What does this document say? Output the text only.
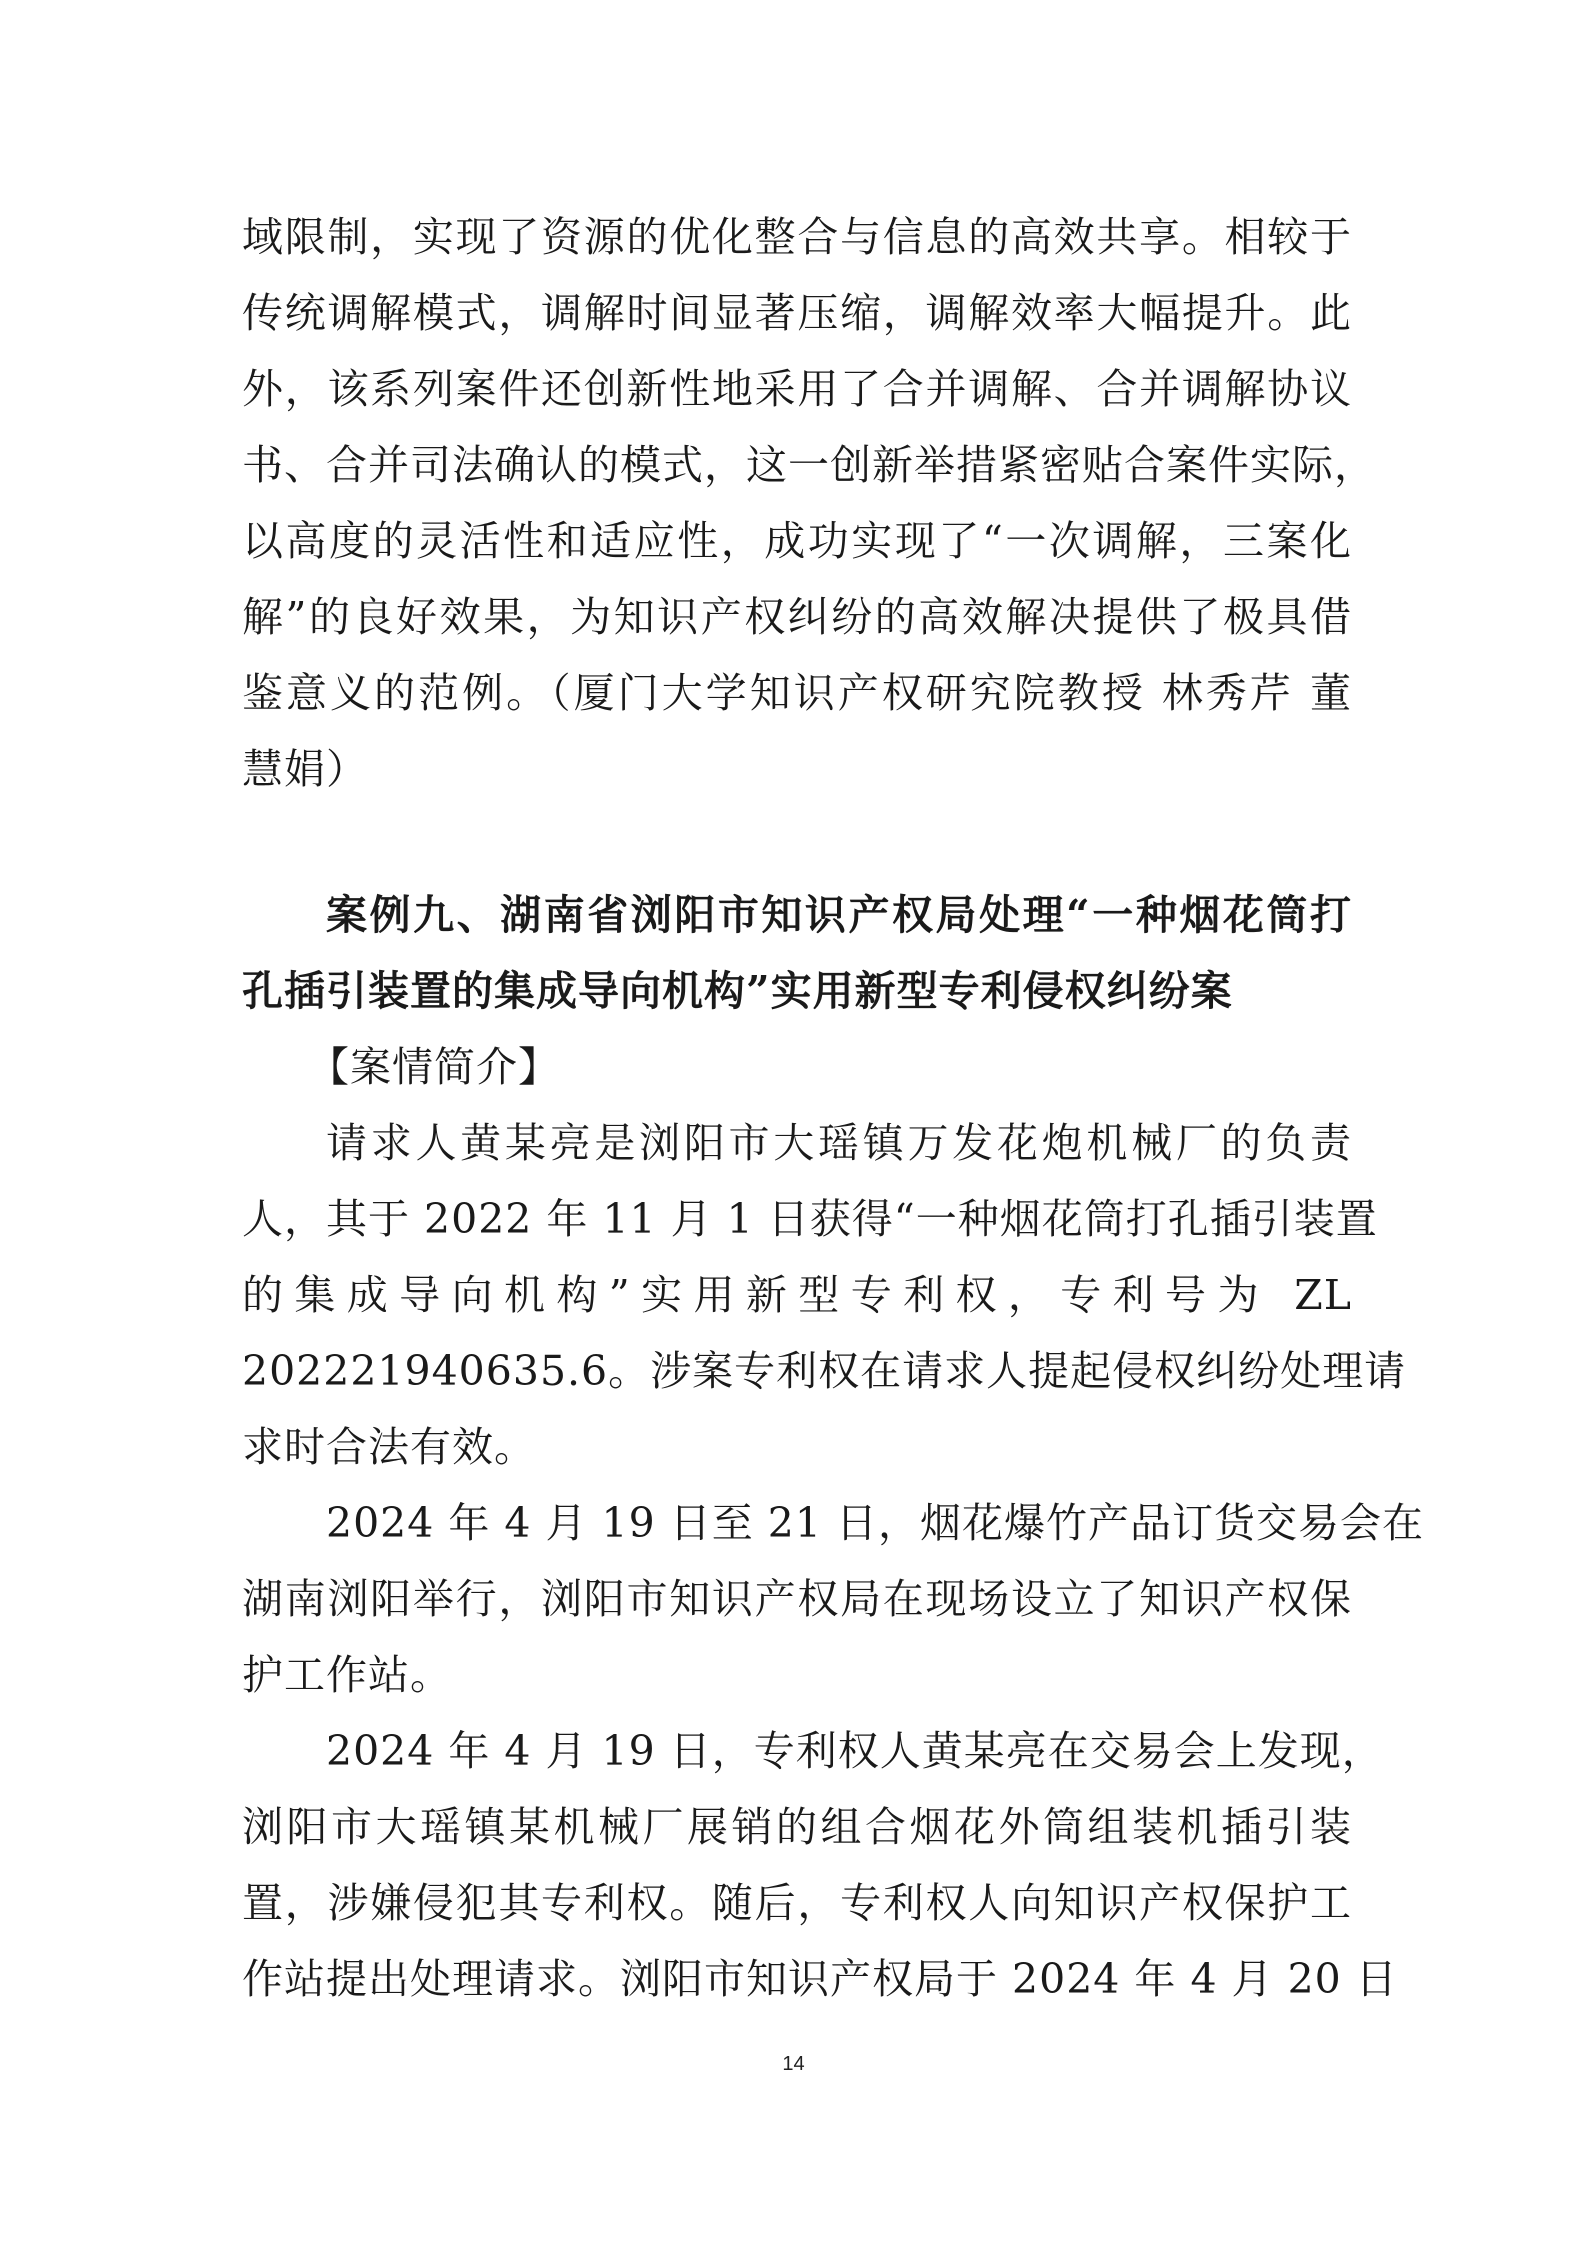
域限制，实现了资源的优化整合与信息的高效共享。相较于
传统调解模式，调解时间显著压缩，调解效率大幅提升。此
外，该系列案件还创新性地采用了合并调解、合并调解协议
书、合并司法确认的模式，这一创新举措紧密贴合案件实际，
以高度的灵活性和适应性，成功实现了“一次调解，三案化
解”的良好效果，为知识产权纠纷的高效解决提供了极具借
鉴意义的范例。（厦门大学知识产权研究院教授 林秀芹 董
慧娟）
案例九、湖南省浏阳市知识产权局处理“一种烟花筒打
孔插引装置的集成导向机构”实用新型专利侵权纠纷案
【案情简介】
请求人黄某亮是浏阳市大瑶镇万发花炮机械厂的负责
人，其于 2022 年 11 月 1 日获得“一种烟花筒打孔插引装置
的集成导向机构”实用新型专利权，专利号为 ZL
202221940635.6。涉案专利权在请求人提起侵权纠纷处理请
求时合法有效。
2024 年 4 月 19 日至 21 日，烟花爆竹产品订货交易会在
湖南浏阳举行，浏阳市知识产权局在现场设立了知识产权保
护工作站。
2024 年 4 月 19 日，专利权人黄某亮在交易会上发现，
浏阳市大瑶镇某机械厂展销的组合烟花外筒组装机插引装
置，涉嫌侵犯其专利权。随后，专利权人向知识产权保护工
作站提出处理请求。浏阳市知识产权局于 2024 年 4 月 20 日
14
